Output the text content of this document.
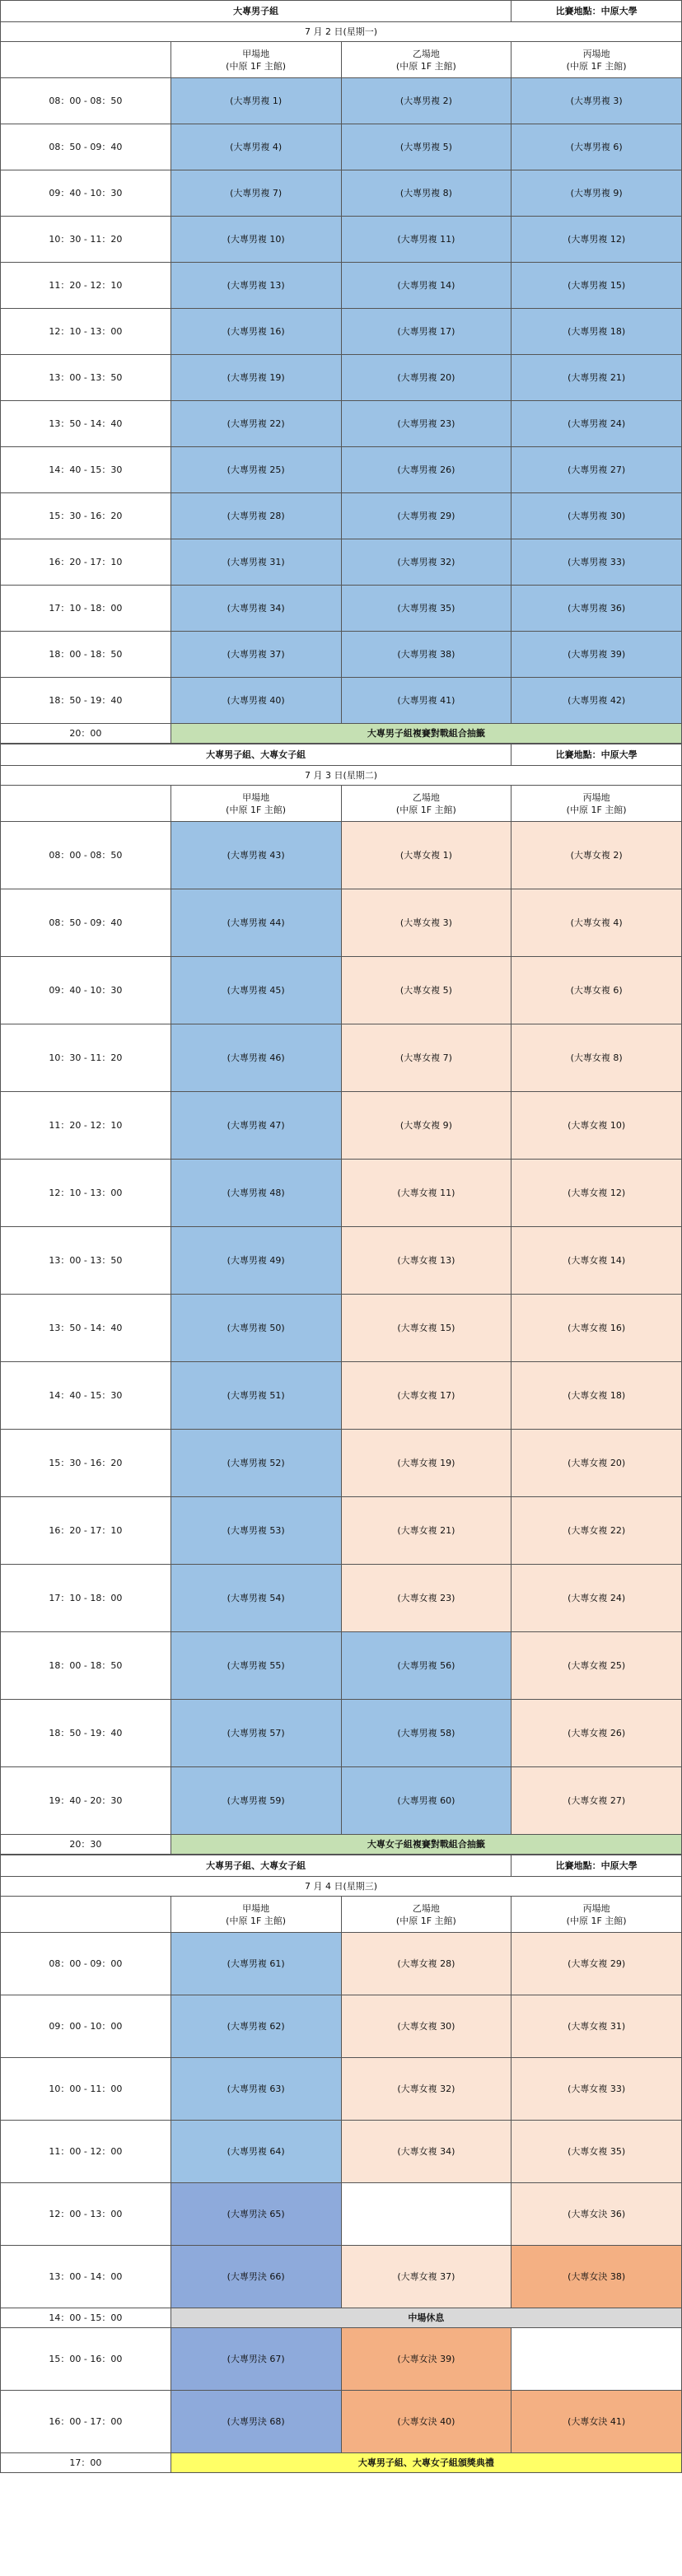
大專男子組			比賽地點：中原大學
7 月 2 日(星期一)			

	甲場地
(中原 1F 主館)	乙場地
(中原 1F 主館)	丙場地
(中原 1F 主館)

08：00 - 08：50	(大專男複 1)	(大專男複 2)	(大專男複 3)

08：50 - 09：40	(大專男複 4)	(大專男複 5)	(大專男複 6)

09：40 - 10：30	(大專男複 7)	(大專男複 8)	(大專男複 9)

10：30 - 11：20	(大專男複 10)	(大專男複 11)	(大專男複 12)

11：20 - 12：10	(大專男複 13)	(大專男複 14)	(大專男複 15)

12：10 - 13：00	(大專男複 16)	(大專男複 17)	(大專男複 18)

13：00 - 13：50	(大專男複 19)	(大專男複 20)	(大專男複 21)

13：50 - 14：40	(大專男複 22)	(大專男複 23)	(大專男複 24)

14：40 - 15：30	(大專男複 25)	(大專男複 26)	(大專男複 27)

15：30 - 16：20	(大專男複 28)	(大專男複 29)	(大專男複 30)

16：20 - 17：10	(大專男複 31)	(大專男複 32)	(大專男複 33)

17：10 - 18：00	(大專男複 34)	(大專男複 35)	(大專男複 36)

18：00 - 18：50	(大專男複 37)	(大專男複 38)	(大專男複 39)

18：50 - 19：40	(大專男複 40)	(大專男複 41)	(大專男複 42)

20：00	大專男子組複賽對戰組合抽籤		
大專男子組、大專女子組			比賽地點：中原大學
7 月 3 日(星期二)			

	甲場地
(中原 1F 主館)	乙場地
(中原 1F 主館)	丙場地
(中原 1F 主館)

08：00 - 08：50	(大專男複 43)	(大專女複 1)	(大專女複 2)

08：50 - 09：40	(大專男複 44)	(大專女複 3)	(大專女複 4)

09：40 - 10：30	(大專男複 45)	(大專女複 5)	(大專女複 6)

10：30 - 11：20	(大專男複 46)	(大專女複 7)	(大專女複 8)

11：20 - 12：10	(大專男複 47)	(大專女複 9)	(大專女複 10)

12：10 - 13：00	(大專男複 48)	(大專女複 11)	(大專女複 12)

13：00 - 13：50	(大專男複 49)	(大專女複 13)	(大專女複 14)

13：50 - 14：40	(大專男複 50)	(大專女複 15)	(大專女複 16)

14：40 - 15：30	(大專男複 51)	(大專女複 17)	(大專女複 18)

15：30 - 16：20	(大專男複 52)	(大專女複 19)	(大專女複 20)

16：20 - 17：10	(大專男複 53)	(大專女複 21)	(大專女複 22)

17：10 - 18：00	(大專男複 54)	(大專女複 23)	(大專女複 24)

18：00 - 18：50	(大專男複 55)	(大專男複 56)	(大專女複 25)

18：50 - 19：40	(大專男複 57)	(大專男複 58)	(大專女複 26)

19：40 - 20：30	(大專男複 59)	(大專男複 60)	(大專女複 27)

20：30	大專女子組複賽對戰組合抽籤		
大專男子組、大專女子組			比賽地點：中原大學
7 月 4 日(星期三)			

	甲場地
(中原 1F 主館)	乙場地
(中原 1F 主館)	丙場地
(中原 1F 主館)

08：00 - 09：00	(大專男複 61)	(大專女複 28)	(大專女複 29)

09：00 - 10：00	(大專男複 62)	(大專女複 30)	(大專女複 31)

10：00 - 11：00	(大專男複 63)	(大專女複 32)	(大專女複 33)

11：00 - 12：00	(大專男複 64)	(大專女複 34)	(大專女複 35)

12：00 - 13：00	(大專男決 65)		(大專女決 36)

13：00 - 14：00	(大專男決 66)	(大專女複 37)	(大專女決 38)

14：00 - 15：00	中場休息		
15：00 - 16：00	(大專男決 67)	(大專女決 39)	

16：00 - 17：00	(大專男決 68)	(大專女決 40)	(大專女決 41)

17：00	大專男子組、大專女子組頒獎典禮		
